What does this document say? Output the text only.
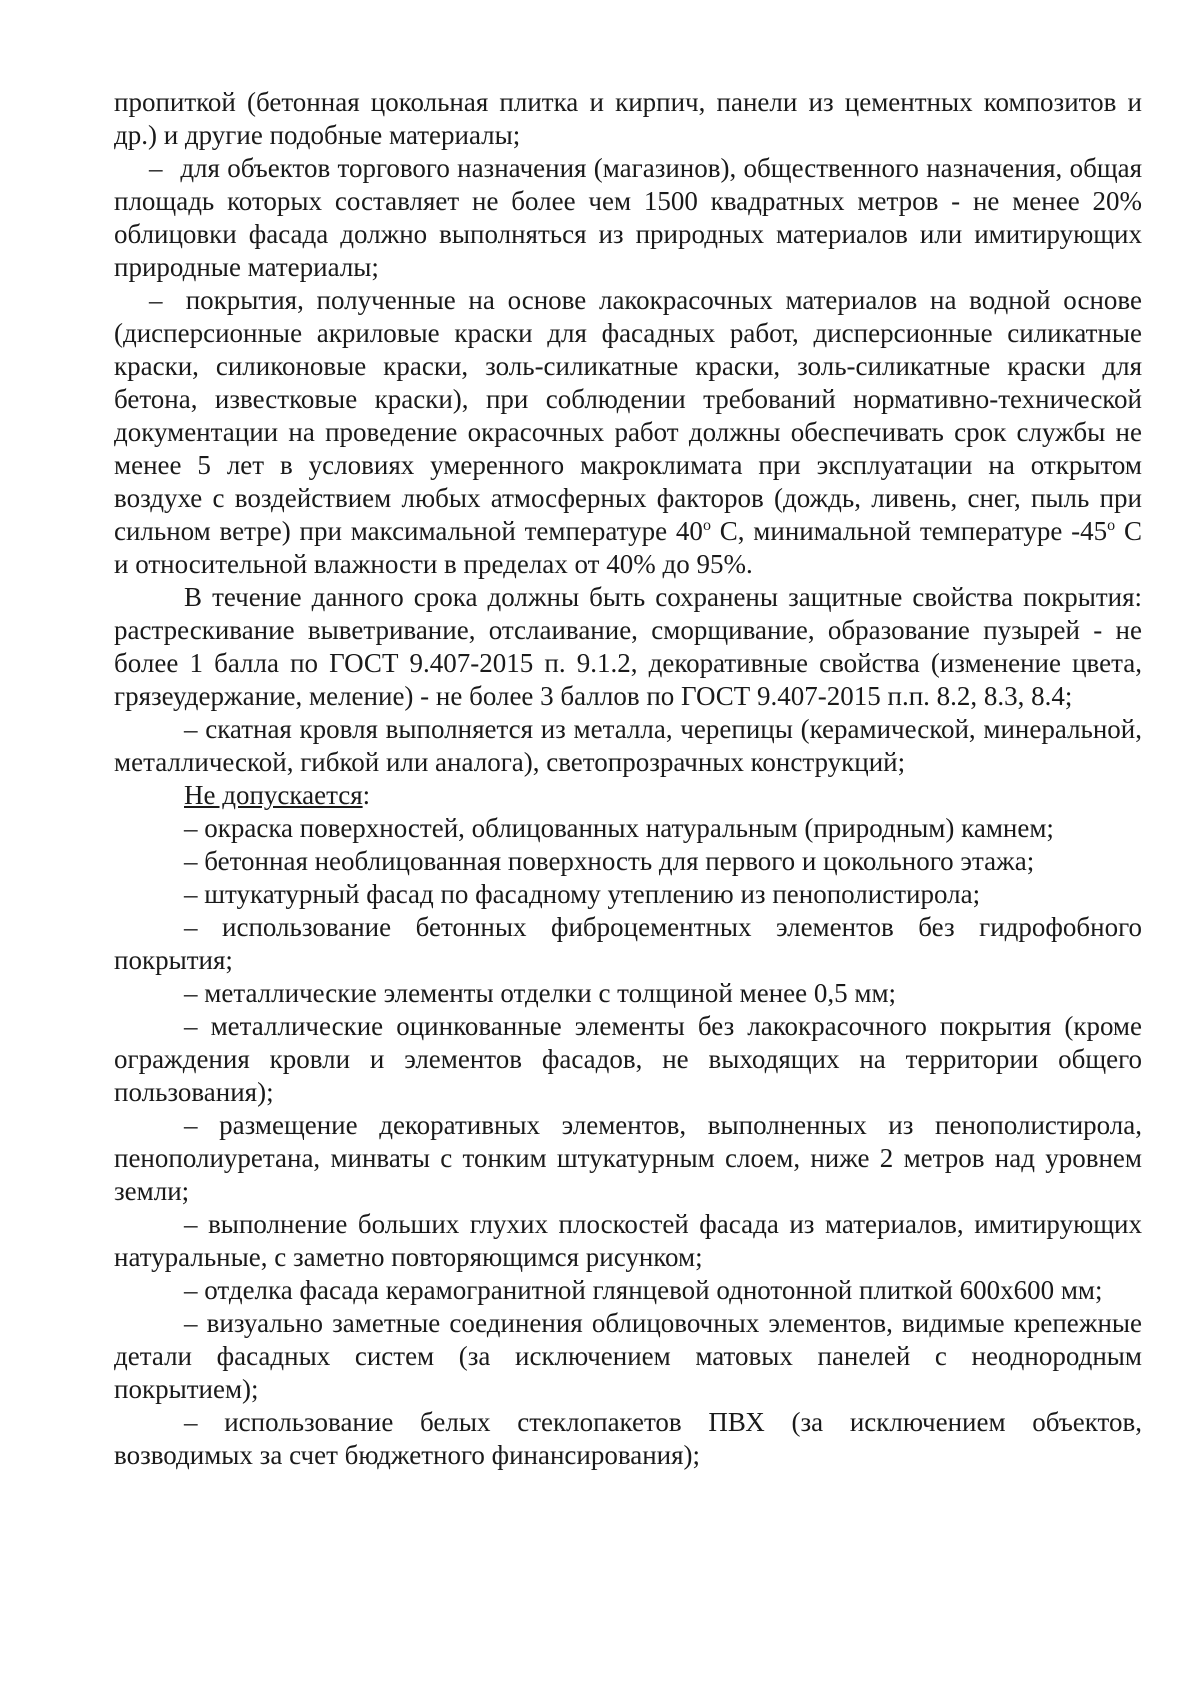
пропиткой (бетонная цокольная плитка и кирпич, панели из цементных композитов и др.) и другие подобные материалы;

– для объектов торгового назначения (магазинов), общественного назначения, общая площадь которых составляет не более чем 1500 квадратных метров - не менее 20% облицовки фасада должно выполняться из природных материалов или имитирующих природные материалы;

– покрытия, полученные на основе лакокрасочных материалов на водной основе (дисперсионные акриловые краски для фасадных работ, дисперсионные силикатные краски, силиконовые краски, золь-силикатные краски, золь-силикатные краски для бетона, известковые краски), при соблюдении требований нормативно-технической документации на проведение окрасочных работ должны обеспечивать срок службы не менее 5 лет в условиях умеренного макроклимата при эксплуатации на открытом воздухе с воздействием любых атмосферных факторов (дождь, ливень, снег, пыль при сильном ветре) при максимальной температуре 40$^o$ С, минимальной температуре -45$^o$ С и относительной влажности в пределах от 40% до 95%.

В течение данного срока должны быть сохранены защитные свойства покрытия: растрескивание выветривание, отслаивание, сморщивание, образование пузырей - не более 1 балла по ГОСТ 9.407-2015 п. 9.1.2, декоративные свойства (изменение цвета, грязеудержание, меление) - не более 3 баллов по ГОСТ 9.407-2015 п.п. 8.2, 8.3, 8.4;

– скатная кровля выполняется из металла, черепицы (керамической, минеральной, металлической, гибкой или аналога), светопрозрачных конструкций;

Не допускается:

– окраска поверхностей, облицованных натуральным (природным) камнем;

– бетонная необлицованная поверхность для первого и цокольного этажа;

– штукатурный фасад по фасадному утеплению из пенополистирола;

– использование бетонных фиброцементных элементов без гидрофобного покрытия;

– металлические элементы отделки с толщиной менее 0,5 мм;

– металлические оцинкованные элементы без лакокрасочного покрытия (кроме ограждения кровли и элементов фасадов, не выходящих на территории общего пользования);

– размещение декоративных элементов, выполненных из пенополистирола, пенополиуретана, минваты с тонким штукатурным слоем, ниже 2 метров над уровнем земли;

– выполнение больших глухих плоскостей фасада из материалов, имитирующих натуральные, с заметно повторяющимся рисунком;

– отделка фасада керамогранитной глянцевой однотонной плиткой 600х600 мм;

– визуально заметные соединения облицовочных элементов, видимые крепежные детали фасадных систем (за исключением матовых панелей с неоднородным покрытием);

– использование белых стеклопакетов ПВХ (за исключением объектов, возводимых за счет бюджетного финансирования);
